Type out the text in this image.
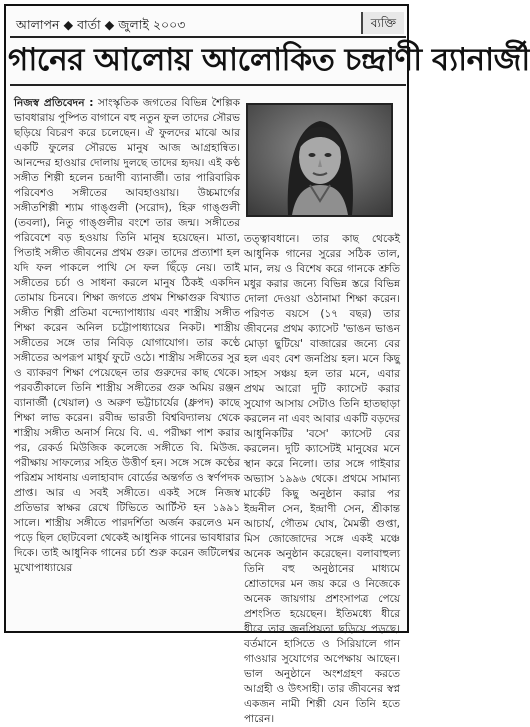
আলাপন ◆ বার্তা ◆ জুলাই ২০০৩	ব্যক্তি
গানের আলোয় আলোকিত চন্দ্রাণী ব্যানার্জী

নিজস্ব প্রতিবেদন : সাংস্কৃতিক জগতের বিভিন্ন শৈল্পিক ভাবধারায় পুষ্পিত বাগানে বহু নতুন ফুল তাদের সৌরভ ছড়িয়ে বিচরণ করে চলেছেন। ঐ ফুলদের মাঝে আর একটি ফুলের সৌরভে মানুষ আজ আগ্রহান্বিত। আনন্দের হাওয়ার দোলায় দুলছে তাদের হৃদয়। এই কণ্ঠ সঙ্গীত শিল্পী হলেন চন্দ্রাণী ব্যানার্জী। তার পারিবারিক পরিবেশও সঙ্গীতের আবহাওয়ায়। উচ্চমার্গের সঙ্গীতশিল্পী শ্যাম গাঙ্গুলী (সরোদ), হিরু গাঙ্গুলী (তবলা), নিতু গাঙ্গুলীর বংশে তার জন্ম। সঙ্গীতের পরিবেশে বড় হওয়ায় তিনি মানুষ হয়েছেন। মাতা, পিতাই সঙ্গীত জীবনের প্রথম গুরু। তাদের প্রত্যাশা হল যদি ফল পাকলে পাখি সে ফল ছিঁড়ে নেয়। তাই সঙ্গীতের চর্চা ও সাধনা করলে মানুষ ঠিকই একদিন তোমায় চিনবে। শিক্ষা জগতে প্রথম শিক্ষাগুরু বিখ্যাত সঙ্গীত শিল্পী প্রতিমা বন্দ্যোপাধ্যায় এবং শাস্ত্রীয় সঙ্গীত শিক্ষা করেন অনিল চট্টোপাধ্যায়ের নিকট। শাস্ত্রীয় সঙ্গীতের সঙ্গে তার নিবিড় যোগাযোগ। তার কণ্ঠে সঙ্গীতের অপরূপ মাধুর্য ফুটে ওঠে। শাস্ত্রীয় সঙ্গীতের সুর ও ব্যাকরণ শিক্ষা পেয়েছেন তার গুরুদের কাছ থেকে। পরবর্তীকালে তিনি শাস্ত্রীয় সঙ্গীতের গুরু অমিয় রঞ্জন ব্যানার্জী (খেয়াল) ও অরুণ ভট্টাচার্যের (ধ্রুপদ) কাছে শিক্ষা লাভ করেন। রবীন্দ্র ভারতী বিশ্ববিদ্যালয় থেকে শাস্ত্রীয় সঙ্গীত অনার্স নিয়ে বি. এ. পরীক্ষা পাশ করার পর, রেকর্ড মিউজিক কলেজে সঙ্গীতে বি. মিউজ. পরীক্ষায় সাফল্যের সহিত উত্তীর্ণ হন। সঙ্গে সঙ্গে কণ্ঠের পরিশ্রম সাধনায় এলাহাবাদ বোর্ডের অন্তর্গত ও স্বর্ণপদক প্রাপ্ত। আর এ সবই সঙ্গীতে। একই সঙ্গে নিজস্ব প্রতিভার স্বাক্ষর রেখে টিভিতে আর্টিস্ট হন ১৯৯১ সালে। শাস্ত্রীয় সঙ্গীতে পারদর্শিতা অর্জন করলেও মন পড়ে ছিল ছোটবেলা থেকেই আধুনিক গানের ভাবধারার দিকে। তাই আধুনিক গানের চর্চা শুরু করেন জটিলেশ্বর মুখোপাধ্যায়ের

তত্ত্বাবধানে। তার কাছ থেকেই আধুনিক গানের সুরের সঠিক তাল, মান, লয় ও বিশেষ করে গানকে শ্রুতি মধুর করার জন্যে বিভিন্ন স্তরে বিভিন্ন দোলা দেওয়া ওঠানামা শিক্ষা করেন। পরিণত বয়সে (১৭ বছর) তার জীবনের প্রথম ক্যাসেট 'ভাঙন ভাঙন মোড়া ছুটিয়ে' বাজারের জন্যে বের হল এবং বেশ জনপ্রিয় হল। মনে কিছু সাহস সঞ্চয় হল তার মনে, এবার প্রথম আরো দুটি ক্যাসেট করার সুযোগ আসায় সেটাও তিনি হাতছাড়া করলেন না এবং আবার একটি বড়দের আধুনিকটির 'বসে' ক্যাসেট বের করলেন। দুটি ক্যাসেটই মানুষের মনে স্থান করে নিলো। তার সঙ্গে গাইবার অভ্যাস ১৯৯৬ থেকে। প্রথমে সামান্য মার্কেট কিছু অনুষ্ঠান করার পর ইন্দ্রনীল সেন, ইন্দ্রাণী সেন, শ্রীকান্ত আচার্য, গৌতম ঘোষ, মৈমন্তী গুপ্তা, মিস জোজোদের সঙ্গে একই মঞ্চে অনেক অনুষ্ঠান করেছেন। বলাবাহুল্য তিনি বহু অনুষ্ঠানের মাধ্যমে শ্রোতাদের মন জয় করে ও নিজেকে অনেক জায়গায় প্রশংসাপত্র পেয়ে প্রশংসিত হয়েছেন। ইতিমধ্যে ধীরে ধীরে তার জনপ্রিয়তা ছড়িয়ে পড়ছে। বর্তমানে হাসিতে ও সিরিয়ালে গান গাওয়ার সুযোগের অপেক্ষায় আছেন। ভাল অনুষ্ঠানে অংশগ্রহণ করতে আগ্রহী ও উৎসাহী। তার জীবনের স্বপ্ন একজন নামী শিল্পী যেন তিনি হতে পারেন।
